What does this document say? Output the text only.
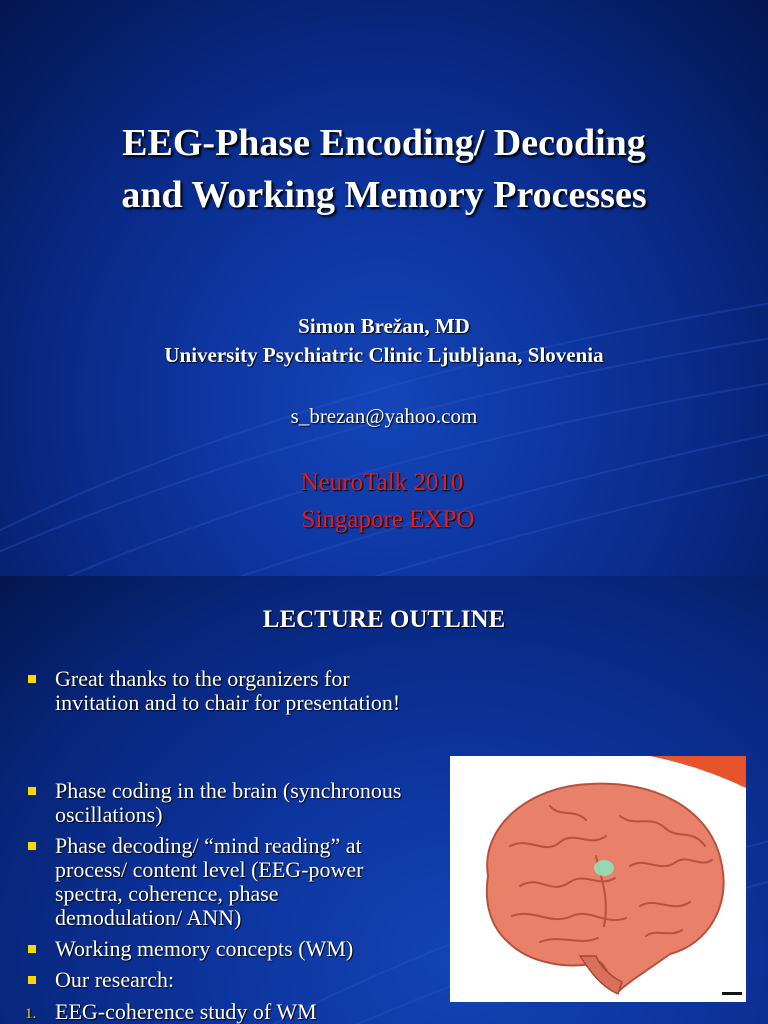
EEG-Phase Encoding/ Decoding
and Working Memory Processes
Simon Brežan, MD
University Psychiatric Clinic Ljubljana, Slovenia
s_brezan@yahoo.com
NeuroTalk 2010
Singapore EXPO
LECTURE OUTLINE
Great thanks to the organizers for invitation and to chair for presentation!
Phase coding in the brain (synchronous oscillations)
Phase decoding/ “mind reading” at process/ content level (EEG-power spectra, coherence, phase demodulation/ ANN)
Working memory concepts (WM)
Our research:
1. EEG-coherence study of WM
